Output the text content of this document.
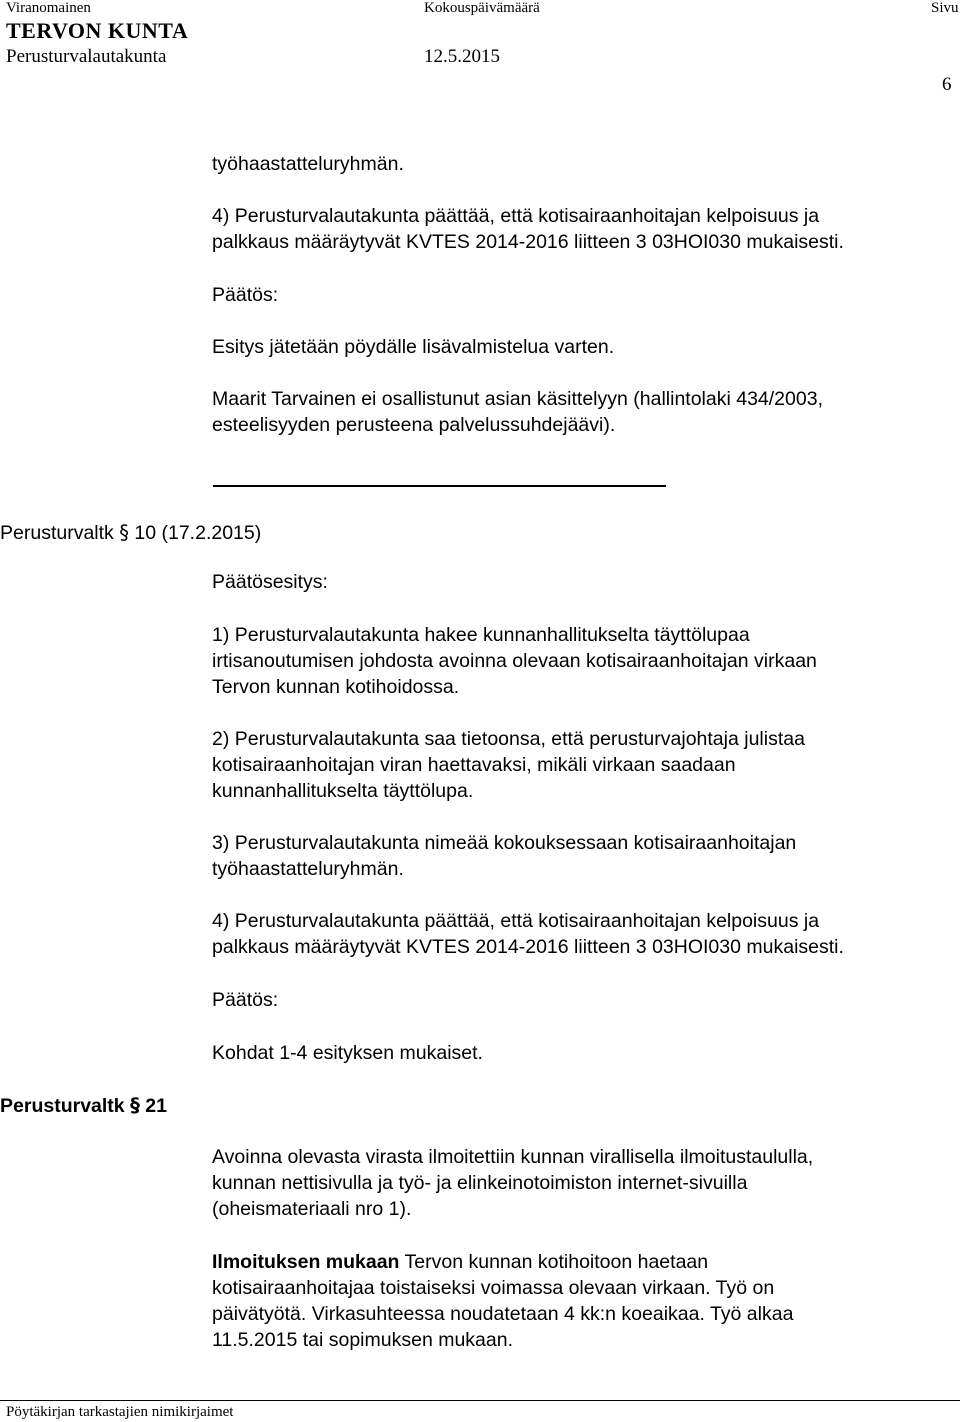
Viranomainen	Kokouspäivämäärä	Sivu
TERVON KUNTA
Perusturvalautakunta	12.5.2015
6
työhaastatteluryhmän.
4) Perusturvalautakunta päättää, että kotisairaanhoitajan kelpoisuus ja
palkkaus määräytyvät KVTES 2014-2016 liitteen 3 03HOI030 mukaisesti.
Päätös:
Esitys jätetään pöydälle lisävalmistelua varten.
Maarit Tarvainen ei osallistunut asian käsittelyyn (hallintolaki 434/2003,
esteelisyyden perusteena palvelussuhdejäävi).
Perusturvaltk § 10 (17.2.2015)
Päätösesitys:
1) Perusturvalautakunta hakee kunnanhallitukselta täyttölupaa
irtisanoutumisen johdosta avoinna olevaan kotisairaanhoitajan virkaan
Tervon kunnan kotihoidossa.
2) Perusturvalautakunta saa tietoonsa, että perusturvajohtaja julistaa
kotisairaanhoitajan viran haettavaksi, mikäli virkaan saadaan
kunnanhallitukselta täyttölupa.
3) Perusturvalautakunta nimeää kokouksessaan kotisairaanhoitajan
työhaastatteluryhmän.
4) Perusturvalautakunta päättää, että kotisairaanhoitajan kelpoisuus ja
palkkaus määräytyvät KVTES 2014-2016 liitteen 3 03HOI030 mukaisesti.
Päätös:
Kohdat 1-4 esityksen mukaiset.
Perusturvaltk § 21
Avoinna olevasta virasta ilmoitettiin kunnan virallisella ilmoitustaululla,
kunnan nettisivulla ja työ- ja elinkeinotoimiston internet-sivuilla
(oheismateriaali nro 1).
Ilmoituksen mukaan Tervon kunnan kotihoitoon haetaan
kotisairaanhoitajaa toistaiseksi voimassa olevaan virkaan. Työ on
päivätyötä. Virkasuhteessa noudatetaan 4 kk:n koeaikaa. Työ alkaa
11.5.2015 tai sopimuksen mukaan.
Pöytäkirjan tarkastajien nimikirjaimet
